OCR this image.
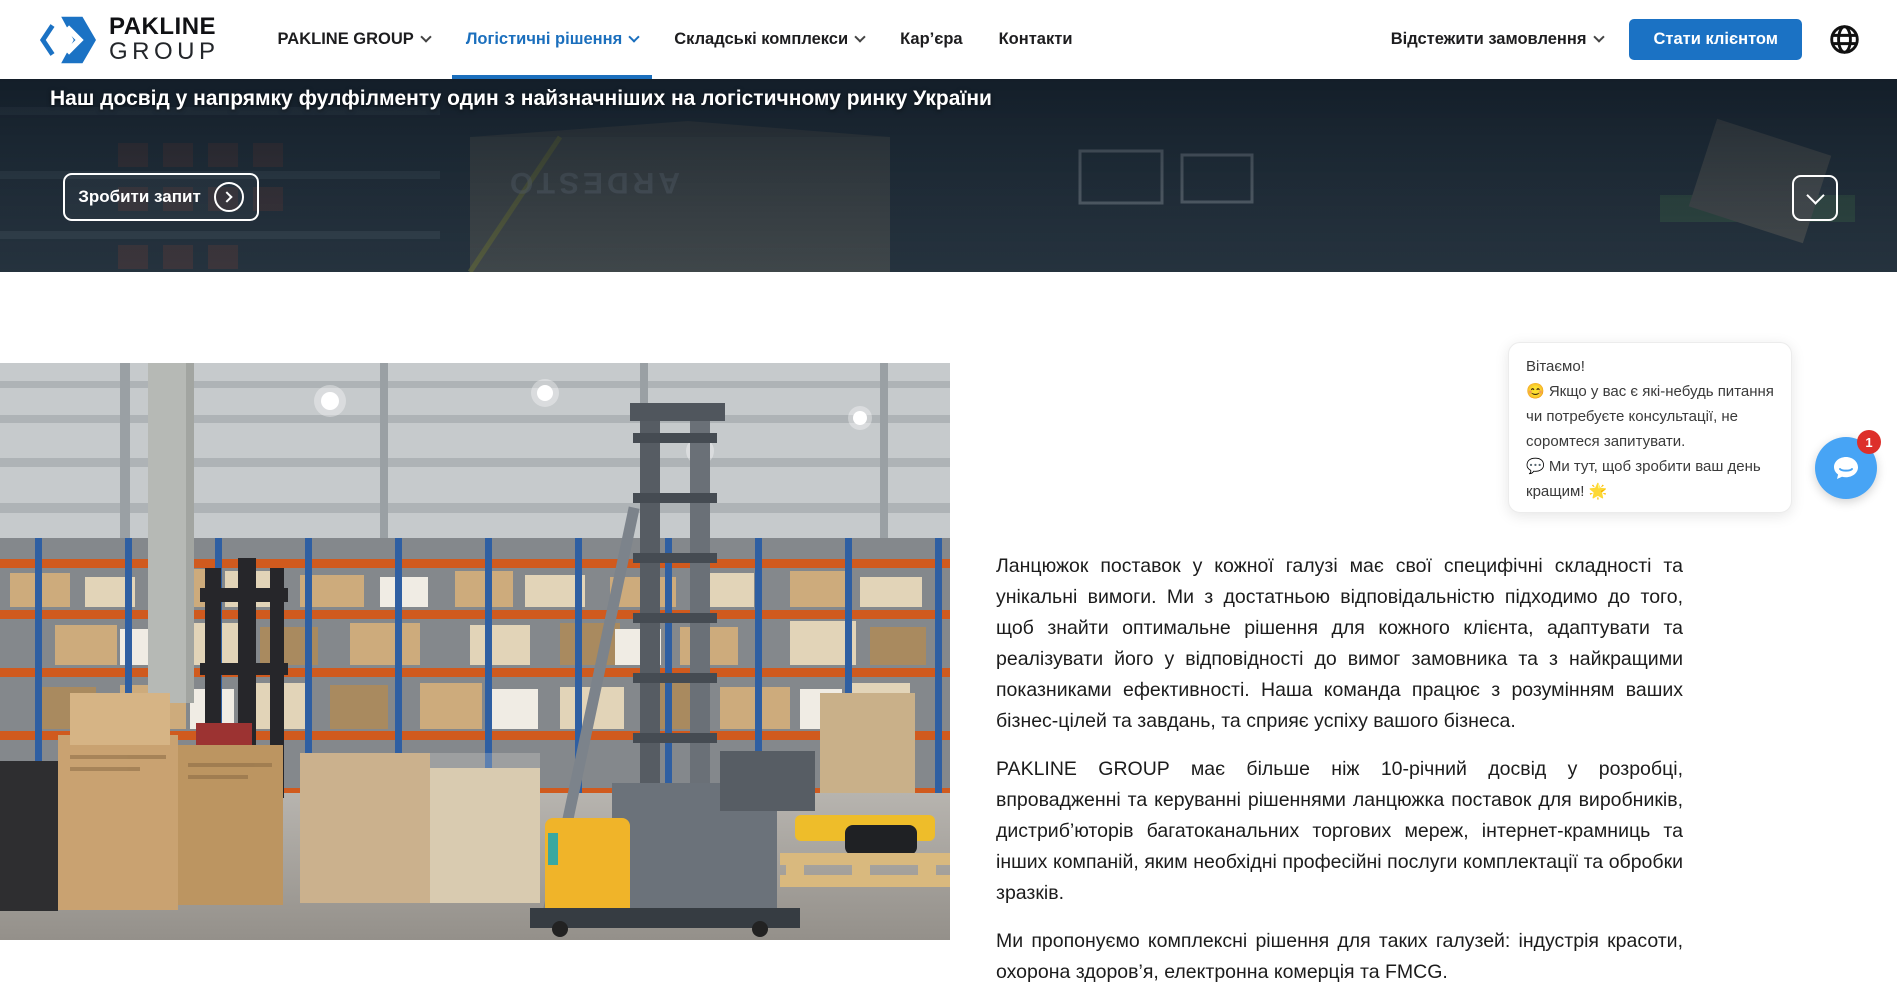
PAKLINE
GROUP	PAKLINE GROUP	Логістичні рішення	Складські комплекси	Кар’єра Контакти	Відстежити замовлення	Стати клієнтом
Наш досвід у напрямку фулфілменту один з найзначніших на логістичному ринку України
Зробити запит

Ланцюжок поставок у кожної галузі має свої специфічні складності та унікальні вимоги. Ми з достатньою відповідальністю підходимо до того, щоб знайти оптимальне рішення для кожного клієнта, адаптувати та реалізувати його у відповідності до вимог замовника та з найкращими показниками ефективності. Наша команда працює з розумінням ваших бізнес-цілей та завдань, та сприяє успіху вашого бізнеса.

PAKLINE GROUP має більше ніж 10-річний досвід у розробці, впровадженні та керуванні рішеннями ланцюжка поставок для виробників, дистриб’юторів багатоканальних торгових мереж, інтернет-крамниць та інших компаній, яким необхідні професійні послуги комплектації та обробки зразків.

Ми пропонуємо комплексні рішення для таких галузей: індустрія красоти, охорона здоров’я, електронна комерція та FMCG.

Вітаємо!
😊 Якщо у вас є які-небудь питання чи потребуєте консультації, не соромтеся запитувати.
💬 Ми тут, щоб зробити ваш день кращим! 🌟
1
